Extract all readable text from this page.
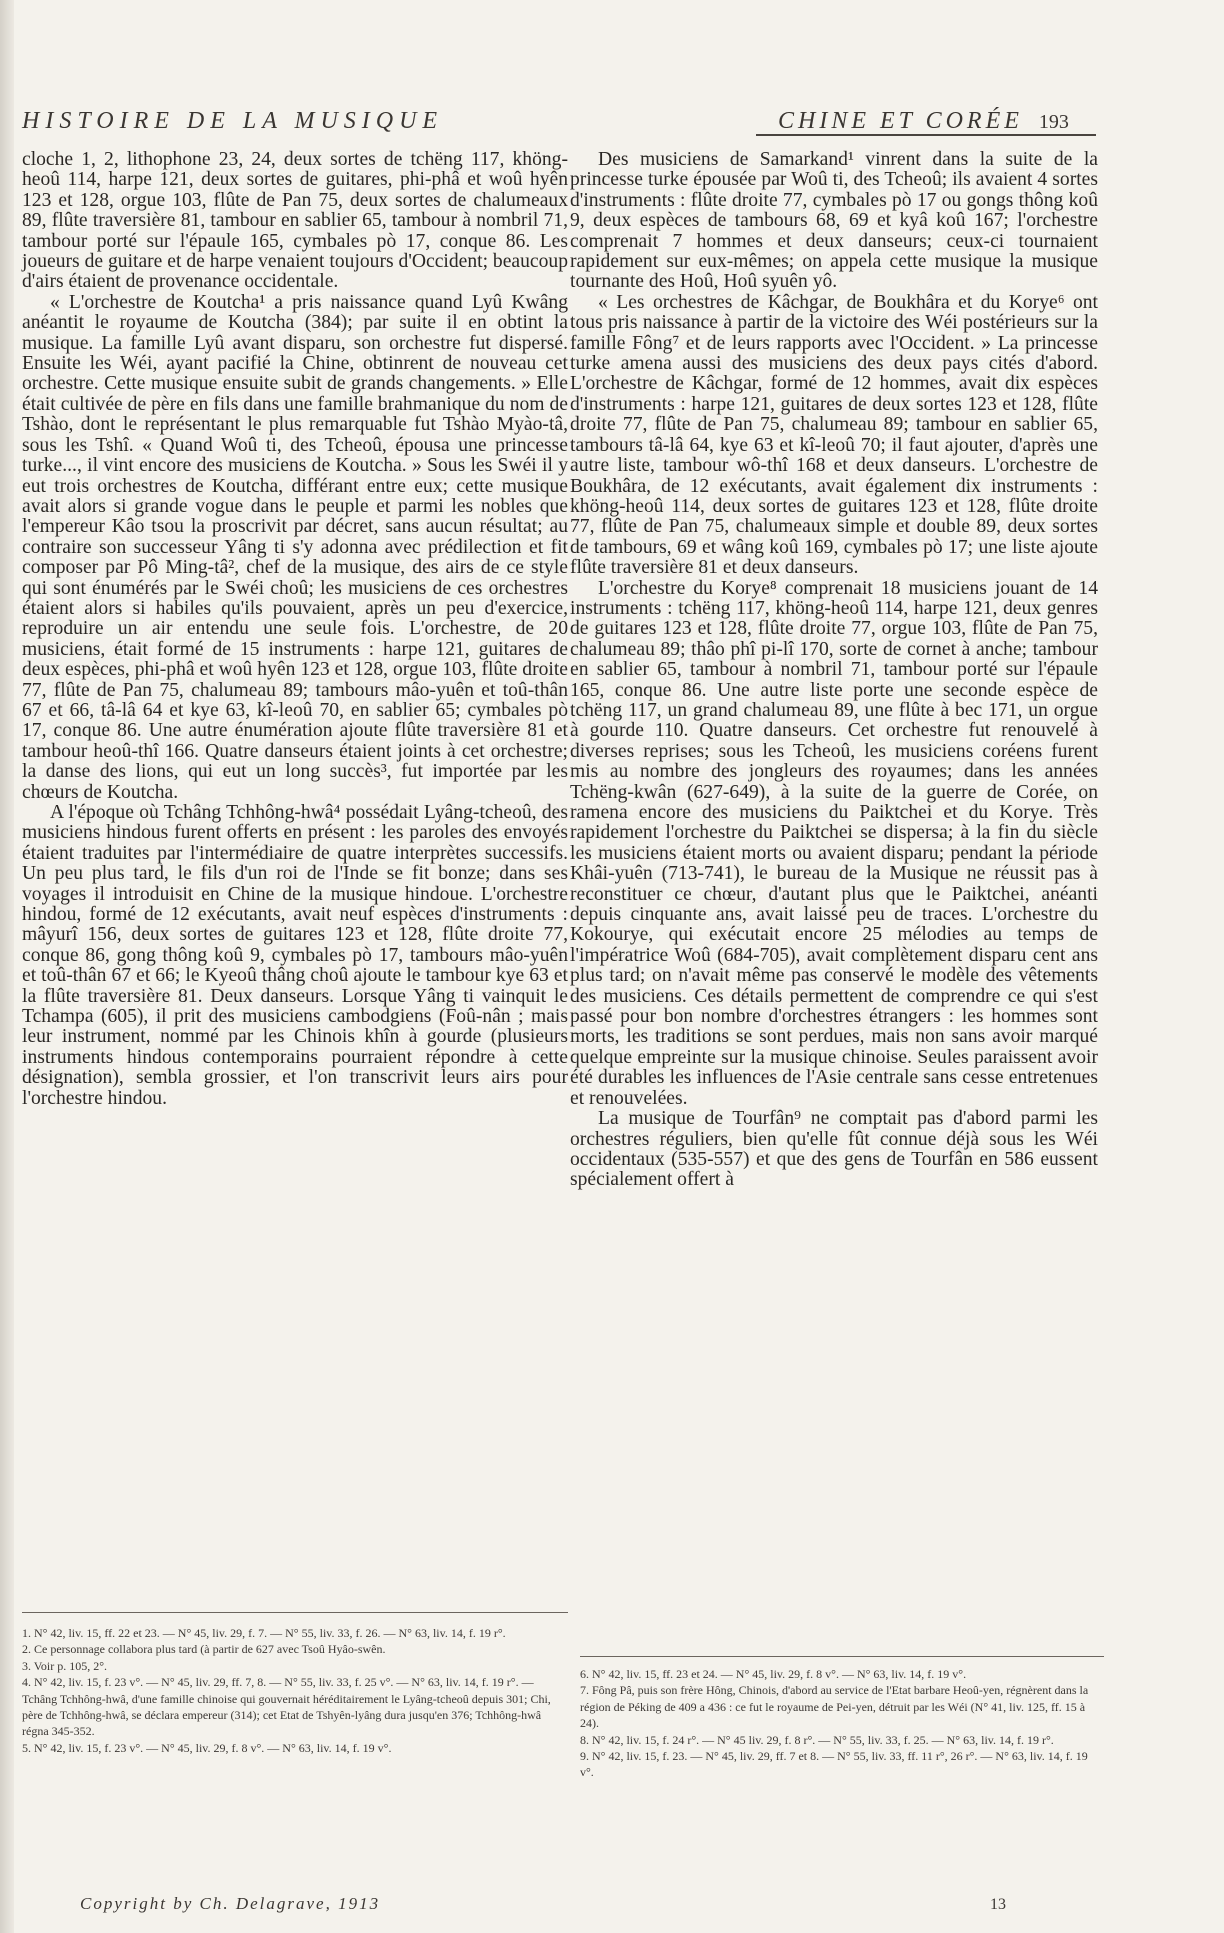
HISTOIRE DE LA MUSIQUE	CHINE ET CORÉE 193

cloche 1, 2, lithophone 23, 24, deux sortes de tchëng 117, khöng-heoû 114, harpe 121, deux sortes de guitares, phi-phâ et woû hyên 123 et 128, orgue 103, flûte de Pan 75, deux sortes de chalumeaux 89, flûte traversière 81, tambour en sablier 65, tambour à nombril 71, tambour porté sur l'épaule 165, cymbales pò 17, conque 86. Les joueurs de guitare et de harpe venaient toujours d'Occident; beaucoup d'airs étaient de provenance occidentale.

« L'orchestre de Koutcha¹ a pris naissance quand Lyû Kwâng anéantit le royaume de Koutcha (384); par suite il en obtint la musique. La famille Lyû avant disparu, son orchestre fut dispersé. Ensuite les Wéi, ayant pacifié la Chine, obtinrent de nouveau cet orchestre. Cette musique ensuite subit de grands changements. » Elle était cultivée de père en fils dans une famille brahmanique du nom de Tshào, dont le représentant le plus remarquable fut Tshào Myào-tâ, sous les Tshî. « Quand Woû ti, des Tcheoû, épousa une princesse turke..., il vint encore des musiciens de Koutcha. » Sous les Swéi il y eut trois orchestres de Koutcha, différant entre eux; cette musique avait alors si grande vogue dans le peuple et parmi les nobles que l'empereur Kâo tsou la proscrivit par décret, sans aucun résultat; au contraire son successeur Yâng ti s'y adonna avec prédilection et fit composer par Pô Ming-tâ², chef de la musique, des airs de ce style qui sont énumérés par le Swéi choû; les musiciens de ces orchestres étaient alors si habiles qu'ils pouvaient, après un peu d'exercice, reproduire un air entendu une seule fois. L'orchestre, de 20 musiciens, était formé de 15 instruments : harpe 121, guitares de deux espèces, phi-phâ et woû hyên 123 et 128, orgue 103, flûte droite 77, flûte de Pan 75, chalumeau 89; tambours mâo-yuên et toû-thân 67 et 66, tâ-lâ 64 et kye 63, kî-leoû 70, en sablier 65; cymbales pò 17, conque 86. Une autre énumération ajoute flûte traversière 81 et tambour heoû-thî 166. Quatre danseurs étaient joints à cet orchestre; la danse des lions, qui eut un long succès³, fut importée par les chœurs de Koutcha.

A l'époque où Tchâng Tchhông-hwâ⁴ possédait Lyâng-tcheoû, des musiciens hindous furent offerts en présent : les paroles des envoyés étaient traduites par l'intermédiaire de quatre interprètes successifs. Un peu plus tard, le fils d'un roi de l'Inde se fit bonze; dans ses voyages il introduisit en Chine de la musique hindoue. L'orchestre hindou, formé de 12 exécutants, avait neuf espèces d'instruments : mâyurî 156, deux sortes de guitares 123 et 128, flûte droite 77, conque 86, gong thông koû 9, cymbales pò 17, tambours mâo-yuên et toû-thân 67 et 66; le Kyeoû thâng choû ajoute le tambour kye 63 et la flûte traversière 81. Deux danseurs. Lorsque Yâng ti vainquit le Tchampa (605), il prit des musiciens cambodgiens (Foû-nân ; mais leur instrument, nommé par les Chinois khîn à gourde (plusieurs instruments hindous contemporains pourraient répondre à cette désignation), sembla grossier, et l'on transcrivit leurs airs pour l'orchestre hindou.

Des musiciens de Samarkand¹ vinrent dans la suite de la princesse turke épousée par Woû ti, des Tcheoû; ils avaient 4 sortes d'instruments : flûte droite 77, cymbales pò 17 ou gongs thông koû 9, deux espèces de tambours 68, 69 et kyâ koû 167; l'orchestre comprenait 7 hommes et deux danseurs; ceux-ci tournaient rapidement sur eux-mêmes; on appela cette musique la musique tournante des Hoû, Hoû syuên yô.

« Les orchestres de Kâchgar, de Boukhâra et du Korye⁶ ont tous pris naissance à partir de la victoire des Wéi postérieurs sur la famille Fông⁷ et de leurs rapports avec l'Occident. » La princesse turke amena aussi des musiciens des deux pays cités d'abord. L'orchestre de Kâchgar, formé de 12 hommes, avait dix espèces d'instruments : harpe 121, guitares de deux sortes 123 et 128, flûte droite 77, flûte de Pan 75, chalumeau 89; tambour en sablier 65, tambours tâ-lâ 64, kye 63 et kî-leoû 70; il faut ajouter, d'après une autre liste, tambour wô-thî 168 et deux danseurs. L'orchestre de Boukhâra, de 12 exécutants, avait également dix instruments : khöng-heoû 114, deux sortes de guitares 123 et 128, flûte droite 77, flûte de Pan 75, chalumeaux simple et double 89, deux sortes de tambours, 69 et wâng koû 169, cymbales pò 17; une liste ajoute flûte traversière 81 et deux danseurs.

L'orchestre du Korye⁸ comprenait 18 musiciens jouant de 14 instruments : tchëng 117, khöng-heoû 114, harpe 121, deux genres de guitares 123 et 128, flûte droite 77, orgue 103, flûte de Pan 75, chalumeau 89; thâo phî pi-lî 170, sorte de cornet à anche; tambour en sablier 65, tambour à nombril 71, tambour porté sur l'épaule 165, conque 86. Une autre liste porte une seconde espèce de tchëng 117, un grand chalumeau 89, une flûte à bec 171, un orgue à gourde 110. Quatre danseurs. Cet orchestre fut renouvelé à diverses reprises; sous les Tcheoû, les musiciens coréens furent mis au nombre des jongleurs des royaumes; dans les années Tchëng-kwân (627-649), à la suite de la guerre de Corée, on ramena encore des musiciens du Paiktchei et du Korye. Très rapidement l'orchestre du Paiktchei se dispersa; à la fin du siècle les musiciens étaient morts ou avaient disparu; pendant la période Khâi-yuên (713-741), le bureau de la Musique ne réussit pas à reconstituer ce chœur, d'autant plus que le Paiktchei, anéanti depuis cinquante ans, avait laissé peu de traces. L'orchestre du Kokourye, qui exécutait encore 25 mélodies au temps de l'impératrice Woû (684-705), avait complètement disparu cent ans plus tard; on n'avait même pas conservé le modèle des vêtements des musiciens. Ces détails permettent de comprendre ce qui s'est passé pour bon nombre d'orchestres étrangers : les hommes sont morts, les traditions se sont perdues, mais non sans avoir marqué quelque empreinte sur la musique chinoise. Seules paraissent avoir été durables les influences de l'Asie centrale sans cesse entretenues et renouvelées.

La musique de Tourfân⁹ ne comptait pas d'abord parmi les orchestres réguliers, bien qu'elle fût connue déjà sous les Wéi occidentaux (535-557) et que des gens de Tourfân en 586 eussent spécialement offert à

1. N° 42, liv. 15, ff. 22 et 23. — N° 45, liv. 29, f. 7. — N° 55, liv. 33, f. 26. — N° 63, liv. 14, f. 19 r°.

2. Ce personnage collabora plus tard (à partir de 627 avec Tsoû Hyâo-swên.

3. Voir p. 105, 2°.

4. N° 42, liv. 15, f. 23 v°. — N° 45, liv. 29, ff. 7, 8. — N° 55, liv. 33, f. 25 v°. — N° 63, liv. 14, f. 19 r°. — Tchâng Tchhông-hwâ, d'une famille chinoise qui gouvernait héréditairement le Lyâng-tcheoû depuis 301; Chi, père de Tchhông-hwâ, se déclara empereur (314); cet Etat de Tshyên-lyâng dura jusqu'en 376; Tchhông-hwâ régna 345-352.

5. N° 42, liv. 15, f. 23 v°. — N° 45, liv. 29, f. 8 v°. — N° 63, liv. 14, f. 19 v°.

6. N° 42, liv. 15, ff. 23 et 24. — N° 45, liv. 29, f. 8 v°. — N° 63, liv. 14, f. 19 v°.

7. Fông Pâ, puis son frère Hông, Chinois, d'abord au service de l'Etat barbare Heoû-yen, régnèrent dans la région de Péking de 409 a 436 : ce fut le royaume de Pei-yen, détruit par les Wéi (N° 41, liv. 125, ff. 15 à 24).

8. N° 42, liv. 15, f. 24 r°. — N° 45 liv. 29, f. 8 r°. — N° 55, liv. 33, f. 25. — N° 63, liv. 14, f. 19 r°.

9. N° 42, liv. 15, f. 23. — N° 45, liv. 29, ff. 7 et 8. — N° 55, liv. 33, ff. 11 r°, 26 r°. — N° 63, liv. 14, f. 19 v°.

Copyright by Ch. Delagrave, 1913	13
